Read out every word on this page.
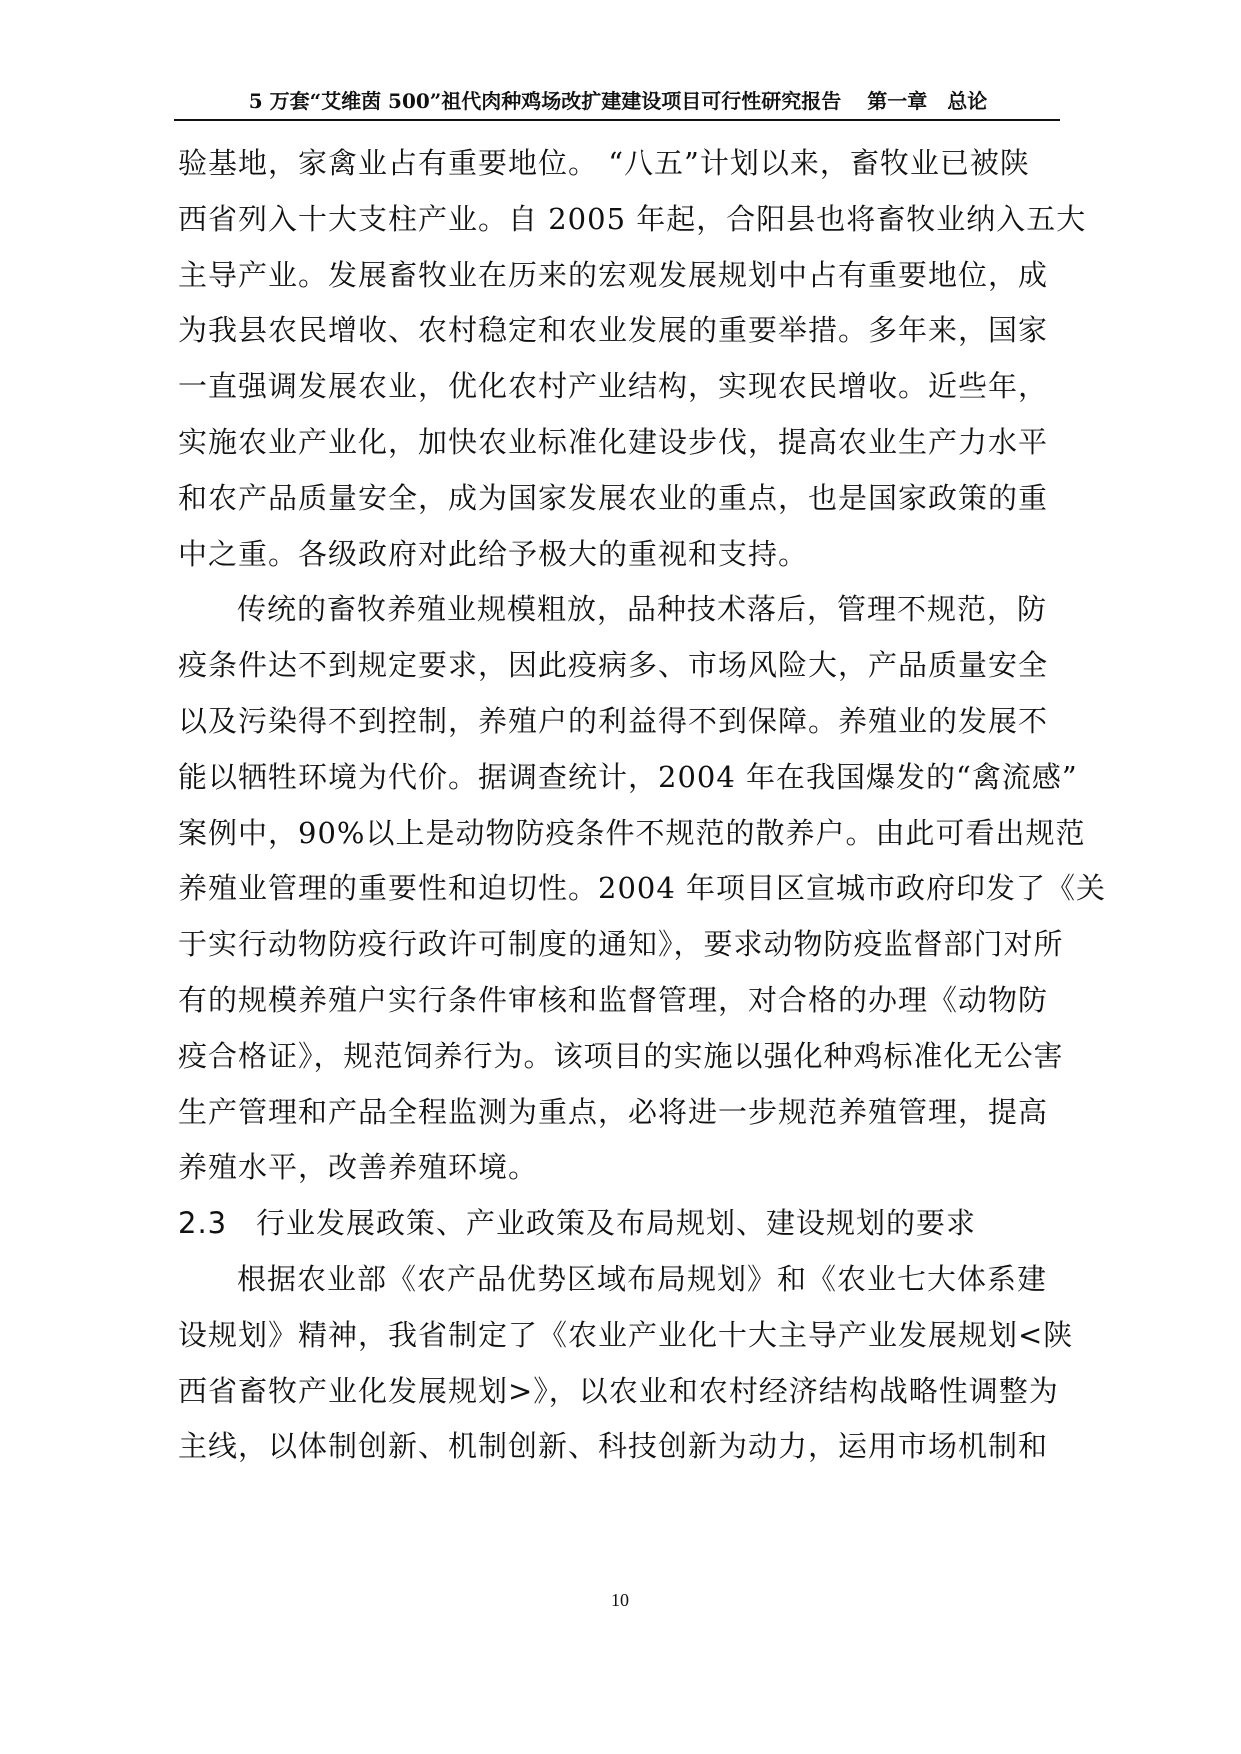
5 万套“艾维茵 500”祖代肉种鸡场改扩建建设项目可行性研究报告 第一章　总论
验基地，家禽业占有重要地位。 “八五”计划以来，畜牧业已被陕
西省列入十大支柱产业。自 2005 年起，合阳县也将畜牧业纳入五大
主导产业。发展畜牧业在历来的宏观发展规划中占有重要地位，成
为我县农民增收、农村稳定和农业发展的重要举措。多年来，国家
一直强调发展农业，优化农村产业结构，实现农民增收。近些年，
实施农业产业化，加快农业标准化建设步伐，提高农业生产力水平
和农产品质量安全，成为国家发展农业的重点，也是国家政策的重
中之重。各级政府对此给予极大的重视和支持。
传统的畜牧养殖业规模粗放，品种技术落后，管理不规范，防
疫条件达不到规定要求，因此疫病多、市场风险大，产品质量安全
以及污染得不到控制，养殖户的利益得不到保障。养殖业的发展不
能以牺牲环境为代价。据调查统计，2004 年在我国爆发的“禽流感”
案例中，90%以上是动物防疫条件不规范的散养户。由此可看出规范
养殖业管理的重要性和迫切性。2004 年项目区宣城市政府印发了《关
于实行动物防疫行政许可制度的通知》，要求动物防疫监督部门对所
有的规模养殖户实行条件审核和监督管理，对合格的办理《动物防
疫合格证》，规范饲养行为。该项目的实施以强化种鸡标准化无公害
生产管理和产品全程监测为重点，必将进一步规范养殖管理，提高
养殖水平，改善养殖环境。
2.3 行业发展政策、产业政策及布局规划、建设规划的要求
根据农业部《农产品优势区域布局规划》和《农业七大体系建
设规划》精神，我省制定了《农业产业化十大主导产业发展规划<陕
西省畜牧产业化发展规划>》，以农业和农村经济结构战略性调整为
主线，以体制创新、机制创新、科技创新为动力，运用市场机制和
10
